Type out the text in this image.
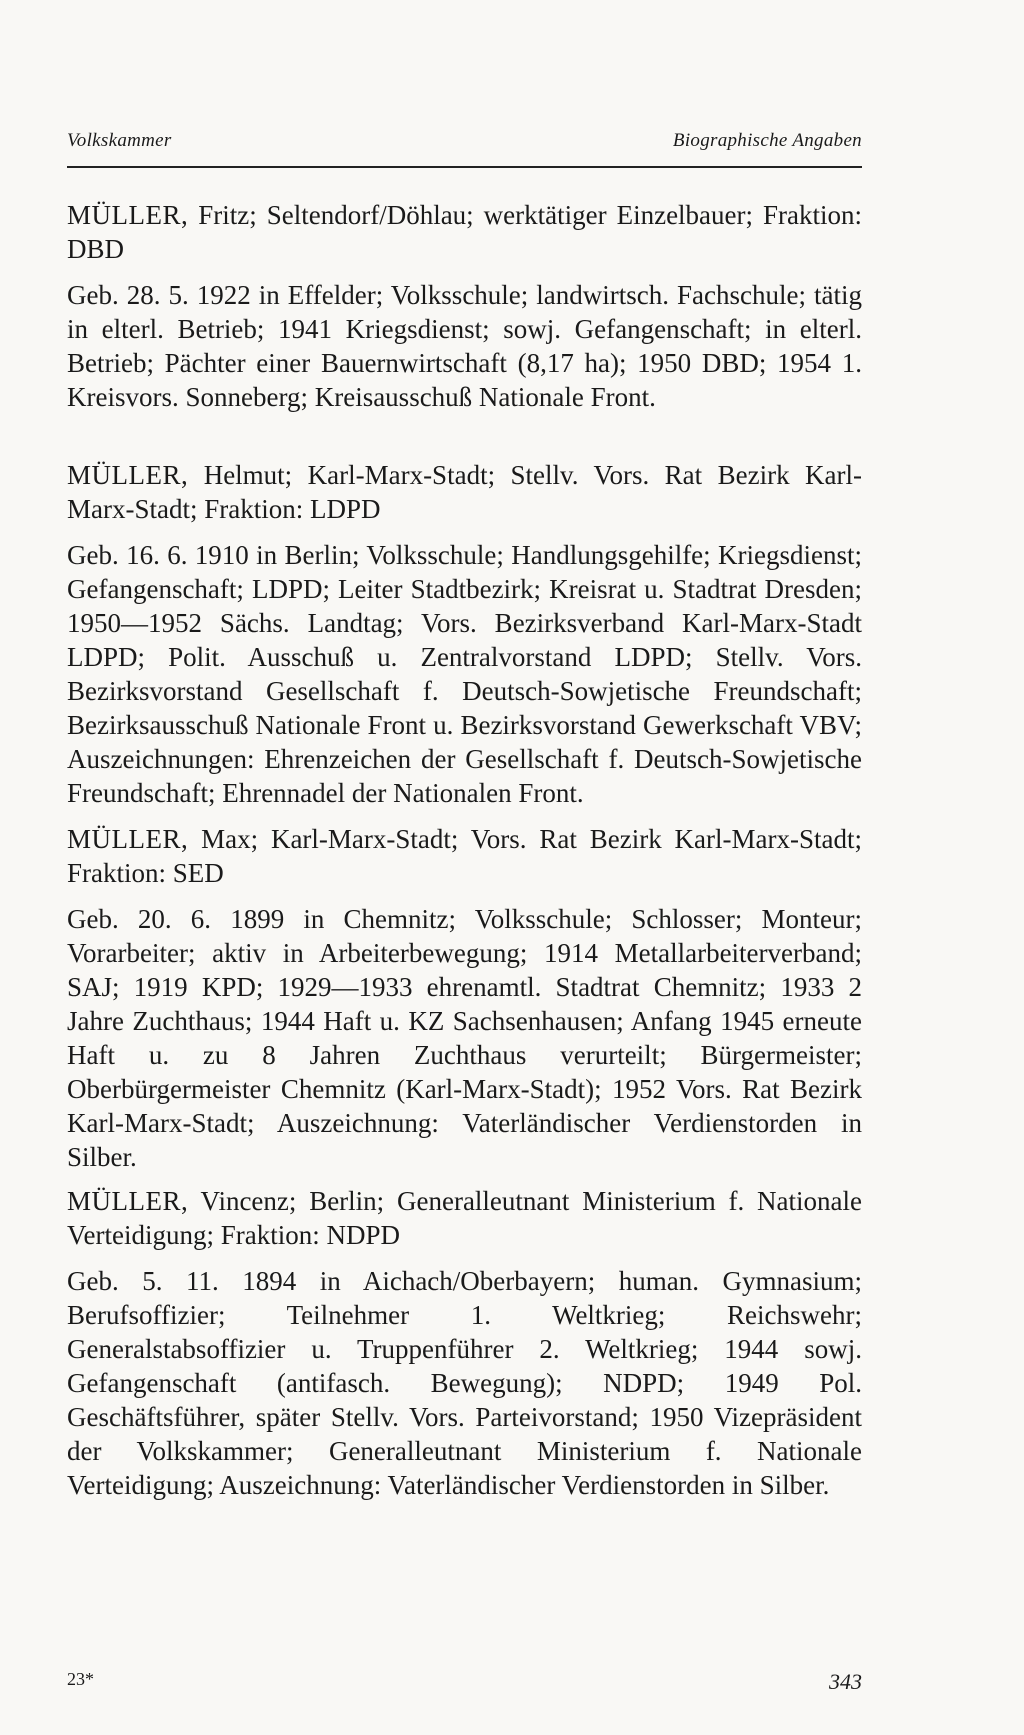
Volkskammer	Biographische Angaben

MÜLLER, Fritz; Seltendorf/Döhlau; werktätiger Einzelbauer; Fraktion: DBD

Geb. 28. 5. 1922 in Effelder; Volksschule; landwirtsch. Fachschule; tätig in elterl. Betrieb; 1941 Kriegsdienst; sowj. Gefangenschaft; in elterl. Betrieb; Pächter einer Bauernwirtschaft (8,17 ha); 1950 DBD; 1954 1. Kreisvors. Sonneberg; Kreisausschuß Nationale Front.

MÜLLER, Helmut; Karl-Marx-Stadt; Stellv. Vors. Rat Bezirk Karl-Marx-Stadt; Fraktion: LDPD

Geb. 16. 6. 1910 in Berlin; Volksschule; Handlungsgehilfe; Kriegsdienst; Gefangenschaft; LDPD; Leiter Stadtbezirk; Kreisrat u. Stadtrat Dresden; 1950—1952 Sächs. Landtag; Vors. Bezirksverband Karl-Marx-Stadt LDPD; Polit. Ausschuß u. Zentralvorstand LDPD; Stellv. Vors. Bezirksvorstand Gesellschaft f. Deutsch-Sowjetische Freundschaft; Bezirksausschuß Nationale Front u. Bezirksvorstand Gewerkschaft VBV; Auszeichnungen: Ehrenzeichen der Gesellschaft f. Deutsch-Sowjetische Freundschaft; Ehrennadel der Nationalen Front.

MÜLLER, Max; Karl-Marx-Stadt; Vors. Rat Bezirk Karl-Marx-Stadt; Fraktion: SED

Geb. 20. 6. 1899 in Chemnitz; Volksschule; Schlosser; Monteur; Vorarbeiter; aktiv in Arbeiterbewegung; 1914 Metallarbeiterverband; SAJ; 1919 KPD; 1929—1933 ehrenamtl. Stadtrat Chemnitz; 1933 2 Jahre Zuchthaus; 1944 Haft u. KZ Sachsenhausen; Anfang 1945 erneute Haft u. zu 8 Jahren Zuchthaus verurteilt; Bürgermeister; Oberbürgermeister Chemnitz (Karl-Marx-Stadt); 1952 Vors. Rat Bezirk Karl-Marx-Stadt; Auszeichnung: Vaterländischer Verdienstorden in Silber.

MÜLLER, Vincenz; Berlin; Generalleutnant Ministerium f. Nationale Verteidigung; Fraktion: NDPD

Geb. 5. 11. 1894 in Aichach/Oberbayern; human. Gymnasium; Berufsoffizier; Teilnehmer 1. Weltkrieg; Reichswehr; Generalstabsoffizier u. Truppenführer 2. Weltkrieg; 1944 sowj. Gefangenschaft (antifasch. Bewegung); NDPD; 1949 Pol. Geschäftsführer, später Stellv. Vors. Parteivorstand; 1950 Vizepräsident der Volkskammer; Generalleutnant Ministerium f. Nationale Verteidigung; Auszeichnung: Vaterländischer Verdienstorden in Silber.

23*	343
